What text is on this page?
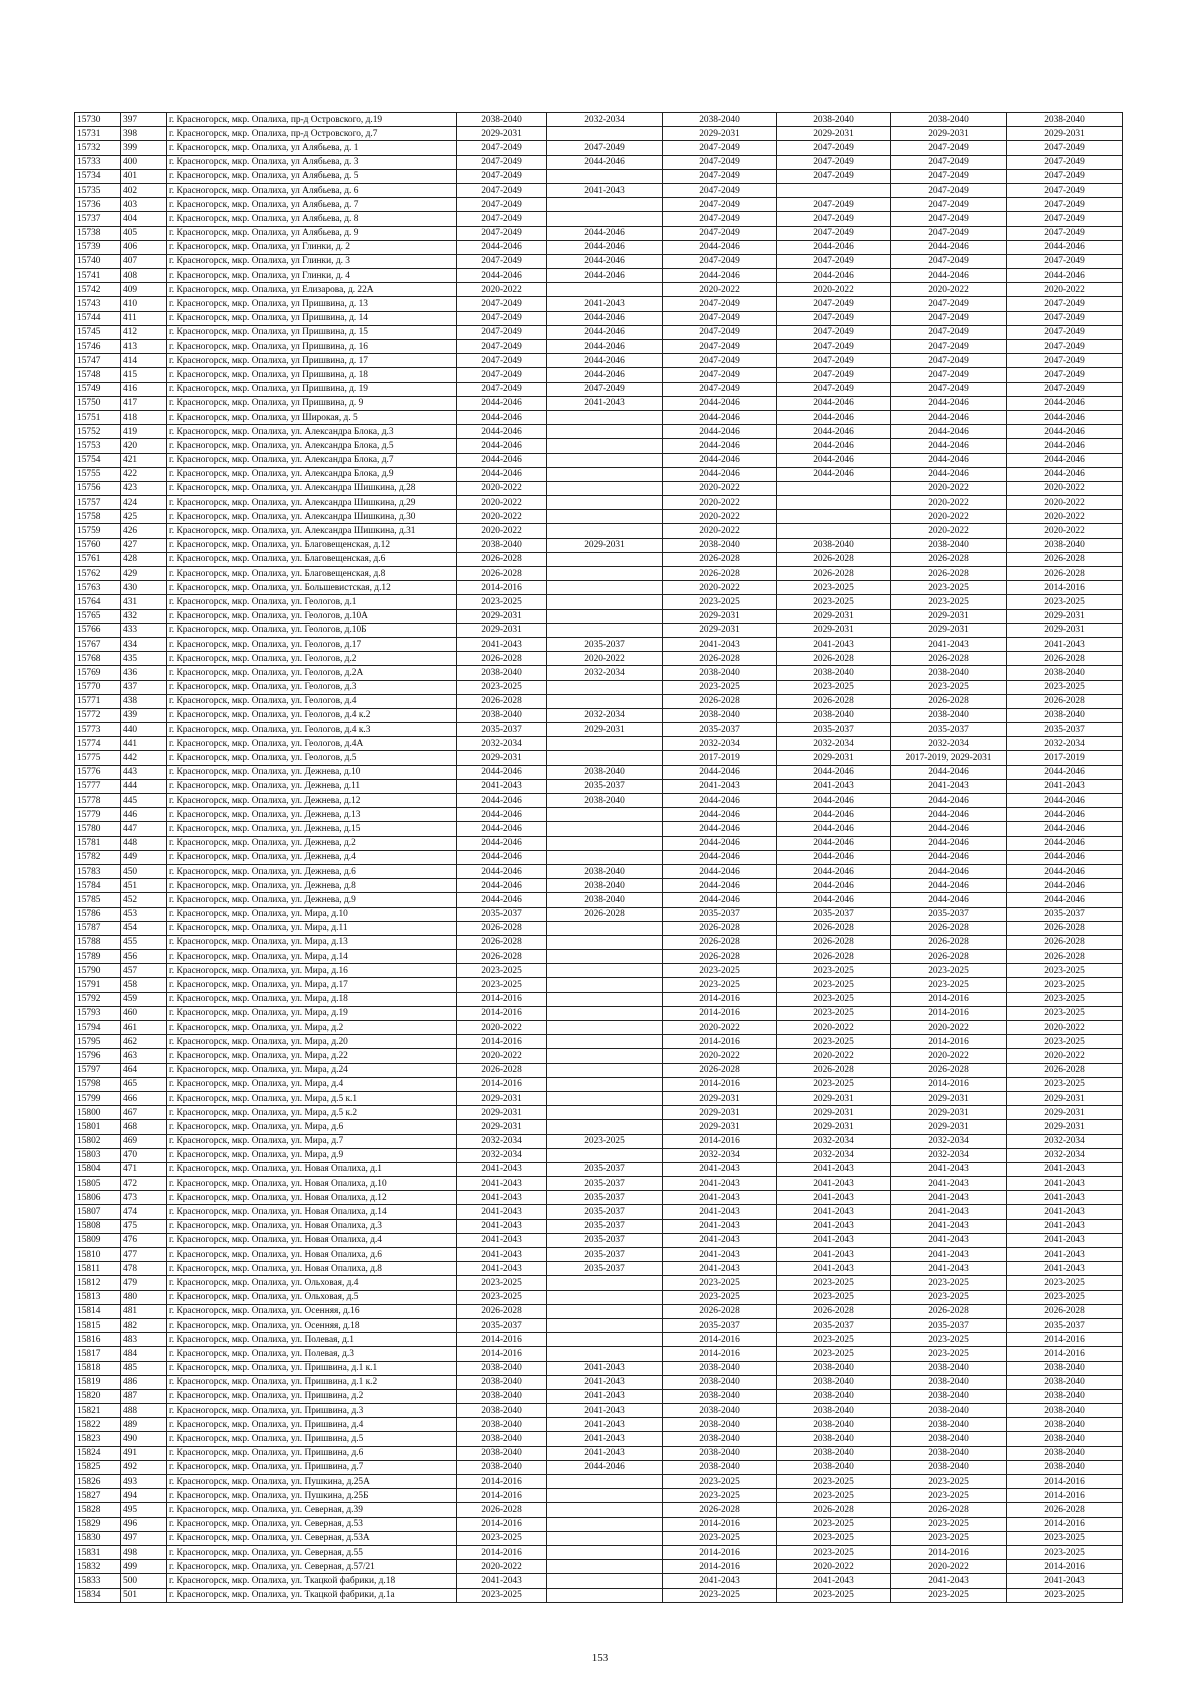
15730	397	г. Красногорск, мкр. Опалиха, пр-д Островского, д.19	2038-2040	2032-2034	2038-2040	2038-2040	2038-2040	2038-2040
15731	398	г. Красногорск, мкр. Опалиха, пр-д Островского, д.7	2029-2031		2029-2031	2029-2031	2029-2031	2029-2031
15732	399	г. Красногорск, мкр. Опалиха, ул Алябьева, д. 1	2047-2049	2047-2049	2047-2049	2047-2049	2047-2049	2047-2049
15733	400	г. Красногорск, мкр. Опалиха, ул Алябьева, д. 3	2047-2049	2044-2046	2047-2049	2047-2049	2047-2049	2047-2049
15734	401	г. Красногорск, мкр. Опалиха, ул Алябьева, д. 5	2047-2049		2047-2049	2047-2049	2047-2049	2047-2049
15735	402	г. Красногорск, мкр. Опалиха, ул Алябьева, д. 6	2047-2049	2041-2043	2047-2049		2047-2049	2047-2049
15736	403	г. Красногорск, мкр. Опалиха, ул Алябьева, д. 7	2047-2049		2047-2049	2047-2049	2047-2049	2047-2049
15737	404	г. Красногорск, мкр. Опалиха, ул Алябьева, д. 8	2047-2049		2047-2049	2047-2049	2047-2049	2047-2049
15738	405	г. Красногорск, мкр. Опалиха, ул Алябьева, д. 9	2047-2049	2044-2046	2047-2049	2047-2049	2047-2049	2047-2049
15739	406	г. Красногорск, мкр. Опалиха, ул Глинки, д. 2	2044-2046	2044-2046	2044-2046	2044-2046	2044-2046	2044-2046
15740	407	г. Красногорск, мкр. Опалиха, ул Глинки, д. 3	2047-2049	2044-2046	2047-2049	2047-2049	2047-2049	2047-2049
15741	408	г. Красногорск, мкр. Опалиха, ул Глинки, д. 4	2044-2046	2044-2046	2044-2046	2044-2046	2044-2046	2044-2046
15742	409	г. Красногорск, мкр. Опалиха, ул Елизарова, д. 22А	2020-2022		2020-2022	2020-2022	2020-2022	2020-2022
15743	410	г. Красногорск, мкр. Опалиха, ул Пришвина, д. 13	2047-2049	2041-2043	2047-2049	2047-2049	2047-2049	2047-2049
15744	411	г. Красногорск, мкр. Опалиха, ул Пришвина, д. 14	2047-2049	2044-2046	2047-2049	2047-2049	2047-2049	2047-2049
15745	412	г. Красногорск, мкр. Опалиха, ул Пришвина, д. 15	2047-2049	2044-2046	2047-2049	2047-2049	2047-2049	2047-2049
15746	413	г. Красногорск, мкр. Опалиха, ул Пришвина, д. 16	2047-2049	2044-2046	2047-2049	2047-2049	2047-2049	2047-2049
15747	414	г. Красногорск, мкр. Опалиха, ул Пришвина, д. 17	2047-2049	2044-2046	2047-2049	2047-2049	2047-2049	2047-2049
15748	415	г. Красногорск, мкр. Опалиха, ул Пришвина, д. 18	2047-2049	2044-2046	2047-2049	2047-2049	2047-2049	2047-2049
15749	416	г. Красногорск, мкр. Опалиха, ул Пришвина, д. 19	2047-2049	2047-2049	2047-2049	2047-2049	2047-2049	2047-2049
15750	417	г. Красногорск, мкр. Опалиха, ул Пришвина, д. 9	2044-2046	2041-2043	2044-2046	2044-2046	2044-2046	2044-2046
15751	418	г. Красногорск, мкр. Опалиха, ул Широкая, д. 5	2044-2046		2044-2046	2044-2046	2044-2046	2044-2046
15752	419	г. Красногорск, мкр. Опалиха, ул. Александра Блока, д.3	2044-2046		2044-2046	2044-2046	2044-2046	2044-2046
15753	420	г. Красногорск, мкр. Опалиха, ул. Александра Блока, д.5	2044-2046		2044-2046	2044-2046	2044-2046	2044-2046
15754	421	г. Красногорск, мкр. Опалиха, ул. Александра Блока, д.7	2044-2046		2044-2046	2044-2046	2044-2046	2044-2046
15755	422	г. Красногорск, мкр. Опалиха, ул. Александра Блока, д.9	2044-2046		2044-2046	2044-2046	2044-2046	2044-2046
15756	423	г. Красногорск, мкр. Опалиха, ул. Александра Шишкина, д.28	2020-2022		2020-2022		2020-2022	2020-2022
15757	424	г. Красногорск, мкр. Опалиха, ул. Александра Шишкина, д.29	2020-2022		2020-2022		2020-2022	2020-2022
15758	425	г. Красногорск, мкр. Опалиха, ул. Александра Шишкина, д.30	2020-2022		2020-2022		2020-2022	2020-2022
15759	426	г. Красногорск, мкр. Опалиха, ул. Александра Шишкина, д.31	2020-2022		2020-2022		2020-2022	2020-2022
15760	427	г. Красногорск, мкр. Опалиха, ул. Благовещенская, д.12	2038-2040	2029-2031	2038-2040	2038-2040	2038-2040	2038-2040
15761	428	г. Красногорск, мкр. Опалиха, ул. Благовещенская, д.6	2026-2028		2026-2028	2026-2028	2026-2028	2026-2028
15762	429	г. Красногорск, мкр. Опалиха, ул. Благовещенская, д.8	2026-2028		2026-2028	2026-2028	2026-2028	2026-2028
15763	430	г. Красногорск, мкр. Опалиха, ул. Большевистская, д.12	2014-2016		2020-2022	2023-2025	2023-2025	2014-2016
15764	431	г. Красногорск, мкр. Опалиха, ул. Геологов, д.1	2023-2025		2023-2025	2023-2025	2023-2025	2023-2025
15765	432	г. Красногорск, мкр. Опалиха, ул. Геологов, д.10А	2029-2031		2029-2031	2029-2031	2029-2031	2029-2031
15766	433	г. Красногорск, мкр. Опалиха, ул. Геологов, д.10Б	2029-2031		2029-2031	2029-2031	2029-2031	2029-2031
15767	434	г. Красногорск, мкр. Опалиха, ул. Геологов, д.17	2041-2043	2035-2037	2041-2043	2041-2043	2041-2043	2041-2043
15768	435	г. Красногорск, мкр. Опалиха, ул. Геологов, д.2	2026-2028	2020-2022	2026-2028	2026-2028	2026-2028	2026-2028
15769	436	г. Красногорск, мкр. Опалиха, ул. Геологов, д.2А	2038-2040	2032-2034	2038-2040	2038-2040	2038-2040	2038-2040
15770	437	г. Красногорск, мкр. Опалиха, ул. Геологов, д.3	2023-2025		2023-2025	2023-2025	2023-2025	2023-2025
15771	438	г. Красногорск, мкр. Опалиха, ул. Геологов, д.4	2026-2028		2026-2028	2026-2028	2026-2028	2026-2028
15772	439	г. Красногорск, мкр. Опалиха, ул. Геологов, д.4 к.2	2038-2040	2032-2034	2038-2040	2038-2040	2038-2040	2038-2040
15773	440	г. Красногорск, мкр. Опалиха, ул. Геологов, д.4 к.3	2035-2037	2029-2031	2035-2037	2035-2037	2035-2037	2035-2037
15774	441	г. Красногорск, мкр. Опалиха, ул. Геологов, д.4А	2032-2034		2032-2034	2032-2034	2032-2034	2032-2034
15775	442	г. Красногорск, мкр. Опалиха, ул. Геологов, д.5	2029-2031		2017-2019	2029-2031	2017-2019, 2029-2031	2017-2019
15776	443	г. Красногорск, мкр. Опалиха, ул. Дежнева, д.10	2044-2046	2038-2040	2044-2046	2044-2046	2044-2046	2044-2046
15777	444	г. Красногорск, мкр. Опалиха, ул. Дежнева, д.11	2041-2043	2035-2037	2041-2043	2041-2043	2041-2043	2041-2043
15778	445	г. Красногорск, мкр. Опалиха, ул. Дежнева, д.12	2044-2046	2038-2040	2044-2046	2044-2046	2044-2046	2044-2046
15779	446	г. Красногорск, мкр. Опалиха, ул. Дежнева, д.13	2044-2046		2044-2046	2044-2046	2044-2046	2044-2046
15780	447	г. Красногорск, мкр. Опалиха, ул. Дежнева, д.15	2044-2046		2044-2046	2044-2046	2044-2046	2044-2046
15781	448	г. Красногорск, мкр. Опалиха, ул. Дежнева, д.2	2044-2046		2044-2046	2044-2046	2044-2046	2044-2046
15782	449	г. Красногорск, мкр. Опалиха, ул. Дежнева, д.4	2044-2046		2044-2046	2044-2046	2044-2046	2044-2046
15783	450	г. Красногорск, мкр. Опалиха, ул. Дежнева, д.6	2044-2046	2038-2040	2044-2046	2044-2046	2044-2046	2044-2046
15784	451	г. Красногорск, мкр. Опалиха, ул. Дежнева, д.8	2044-2046	2038-2040	2044-2046	2044-2046	2044-2046	2044-2046
15785	452	г. Красногорск, мкр. Опалиха, ул. Дежнева, д.9	2044-2046	2038-2040	2044-2046	2044-2046	2044-2046	2044-2046
15786	453	г. Красногорск, мкр. Опалиха, ул. Мира, д.10	2035-2037	2026-2028	2035-2037	2035-2037	2035-2037	2035-2037
15787	454	г. Красногорск, мкр. Опалиха, ул. Мира, д.11	2026-2028		2026-2028	2026-2028	2026-2028	2026-2028
15788	455	г. Красногорск, мкр. Опалиха, ул. Мира, д.13	2026-2028		2026-2028	2026-2028	2026-2028	2026-2028
15789	456	г. Красногорск, мкр. Опалиха, ул. Мира, д.14	2026-2028		2026-2028	2026-2028	2026-2028	2026-2028
15790	457	г. Красногорск, мкр. Опалиха, ул. Мира, д.16	2023-2025		2023-2025	2023-2025	2023-2025	2023-2025
15791	458	г. Красногорск, мкр. Опалиха, ул. Мира, д.17	2023-2025		2023-2025	2023-2025	2023-2025	2023-2025
15792	459	г. Красногорск, мкр. Опалиха, ул. Мира, д.18	2014-2016		2014-2016	2023-2025	2014-2016	2023-2025
15793	460	г. Красногорск, мкр. Опалиха, ул. Мира, д.19	2014-2016		2014-2016	2023-2025	2014-2016	2023-2025
15794	461	г. Красногорск, мкр. Опалиха, ул. Мира, д.2	2020-2022		2020-2022	2020-2022	2020-2022	2020-2022
15795	462	г. Красногорск, мкр. Опалиха, ул. Мира, д.20	2014-2016		2014-2016	2023-2025	2014-2016	2023-2025
15796	463	г. Красногорск, мкр. Опалиха, ул. Мира, д.22	2020-2022		2020-2022	2020-2022	2020-2022	2020-2022
15797	464	г. Красногорск, мкр. Опалиха, ул. Мира, д.24	2026-2028		2026-2028	2026-2028	2026-2028	2026-2028
15798	465	г. Красногорск, мкр. Опалиха, ул. Мира, д.4	2014-2016		2014-2016	2023-2025	2014-2016	2023-2025
15799	466	г. Красногорск, мкр. Опалиха, ул. Мира, д.5 к.1	2029-2031		2029-2031	2029-2031	2029-2031	2029-2031
15800	467	г. Красногорск, мкр. Опалиха, ул. Мира, д.5 к.2	2029-2031		2029-2031	2029-2031	2029-2031	2029-2031
15801	468	г. Красногорск, мкр. Опалиха, ул. Мира, д.6	2029-2031		2029-2031	2029-2031	2029-2031	2029-2031
15802	469	г. Красногорск, мкр. Опалиха, ул. Мира, д.7	2032-2034	2023-2025	2014-2016	2032-2034	2032-2034	2032-2034
15803	470	г. Красногорск, мкр. Опалиха, ул. Мира, д.9	2032-2034		2032-2034	2032-2034	2032-2034	2032-2034
15804	471	г. Красногорск, мкр. Опалиха, ул. Новая Опалиха, д.1	2041-2043	2035-2037	2041-2043	2041-2043	2041-2043	2041-2043
15805	472	г. Красногорск, мкр. Опалиха, ул. Новая Опалиха, д.10	2041-2043	2035-2037	2041-2043	2041-2043	2041-2043	2041-2043
15806	473	г. Красногорск, мкр. Опалиха, ул. Новая Опалиха, д.12	2041-2043	2035-2037	2041-2043	2041-2043	2041-2043	2041-2043
15807	474	г. Красногорск, мкр. Опалиха, ул. Новая Опалиха, д.14	2041-2043	2035-2037	2041-2043	2041-2043	2041-2043	2041-2043
15808	475	г. Красногорск, мкр. Опалиха, ул. Новая Опалиха, д.3	2041-2043	2035-2037	2041-2043	2041-2043	2041-2043	2041-2043
15809	476	г. Красногорск, мкр. Опалиха, ул. Новая Опалиха, д.4	2041-2043	2035-2037	2041-2043	2041-2043	2041-2043	2041-2043
15810	477	г. Красногорск, мкр. Опалиха, ул. Новая Опалиха, д.6	2041-2043	2035-2037	2041-2043	2041-2043	2041-2043	2041-2043
15811	478	г. Красногорск, мкр. Опалиха, ул. Новая Опалиха, д.8	2041-2043	2035-2037	2041-2043	2041-2043	2041-2043	2041-2043
15812	479	г. Красногорск, мкр. Опалиха, ул. Ольховая, д.4	2023-2025		2023-2025	2023-2025	2023-2025	2023-2025
15813	480	г. Красногорск, мкр. Опалиха, ул. Ольховая, д.5	2023-2025		2023-2025	2023-2025	2023-2025	2023-2025
15814	481	г. Красногорск, мкр. Опалиха, ул. Осенняя, д.16	2026-2028		2026-2028	2026-2028	2026-2028	2026-2028
15815	482	г. Красногорск, мкр. Опалиха, ул. Осенняя, д.18	2035-2037		2035-2037	2035-2037	2035-2037	2035-2037
15816	483	г. Красногорск, мкр. Опалиха, ул. Полевая, д.1	2014-2016		2014-2016	2023-2025	2023-2025	2014-2016
15817	484	г. Красногорск, мкр. Опалиха, ул. Полевая, д.3	2014-2016		2014-2016	2023-2025	2023-2025	2014-2016
15818	485	г. Красногорск, мкр. Опалиха, ул. Пришвина, д.1 к.1	2038-2040	2041-2043	2038-2040	2038-2040	2038-2040	2038-2040
15819	486	г. Красногорск, мкр. Опалиха, ул. Пришвина, д.1 к.2	2038-2040	2041-2043	2038-2040	2038-2040	2038-2040	2038-2040
15820	487	г. Красногорск, мкр. Опалиха, ул. Пришвина, д.2	2038-2040	2041-2043	2038-2040	2038-2040	2038-2040	2038-2040
15821	488	г. Красногорск, мкр. Опалиха, ул. Пришвина, д.3	2038-2040	2041-2043	2038-2040	2038-2040	2038-2040	2038-2040
15822	489	г. Красногорск, мкр. Опалиха, ул. Пришвина, д.4	2038-2040	2041-2043	2038-2040	2038-2040	2038-2040	2038-2040
15823	490	г. Красногорск, мкр. Опалиха, ул. Пришвина, д.5	2038-2040	2041-2043	2038-2040	2038-2040	2038-2040	2038-2040
15824	491	г. Красногорск, мкр. Опалиха, ул. Пришвина, д.6	2038-2040	2041-2043	2038-2040	2038-2040	2038-2040	2038-2040
15825	492	г. Красногорск, мкр. Опалиха, ул. Пришвина, д.7	2038-2040	2044-2046	2038-2040	2038-2040	2038-2040	2038-2040
15826	493	г. Красногорск, мкр. Опалиха, ул. Пушкина, д.25А	2014-2016		2023-2025	2023-2025	2023-2025	2014-2016
15827	494	г. Красногорск, мкр. Опалиха, ул. Пушкина, д.25Б	2014-2016		2023-2025	2023-2025	2023-2025	2014-2016
15828	495	г. Красногорск, мкр. Опалиха, ул. Северная, д.39	2026-2028		2026-2028	2026-2028	2026-2028	2026-2028
15829	496	г. Красногорск, мкр. Опалиха, ул. Северная, д.53	2014-2016		2014-2016	2023-2025	2023-2025	2014-2016
15830	497	г. Красногорск, мкр. Опалиха, ул. Северная, д.53А	2023-2025		2023-2025	2023-2025	2023-2025	2023-2025
15831	498	г. Красногорск, мкр. Опалиха, ул. Северная, д.55	2014-2016		2014-2016	2023-2025	2014-2016	2023-2025
15832	499	г. Красногорск, мкр. Опалиха, ул. Северная, д.57/21	2020-2022		2014-2016	2020-2022	2020-2022	2014-2016
15833	500	г. Красногорск, мкр. Опалиха, ул. Ткацкой фабрики, д.18	2041-2043		2041-2043	2041-2043	2041-2043	2041-2043
15834	501	г. Красногорск, мкр. Опалиха, ул. Ткацкой фабрики, д.1а	2023-2025		2023-2025	2023-2025	2023-2025	2023-2025
153
